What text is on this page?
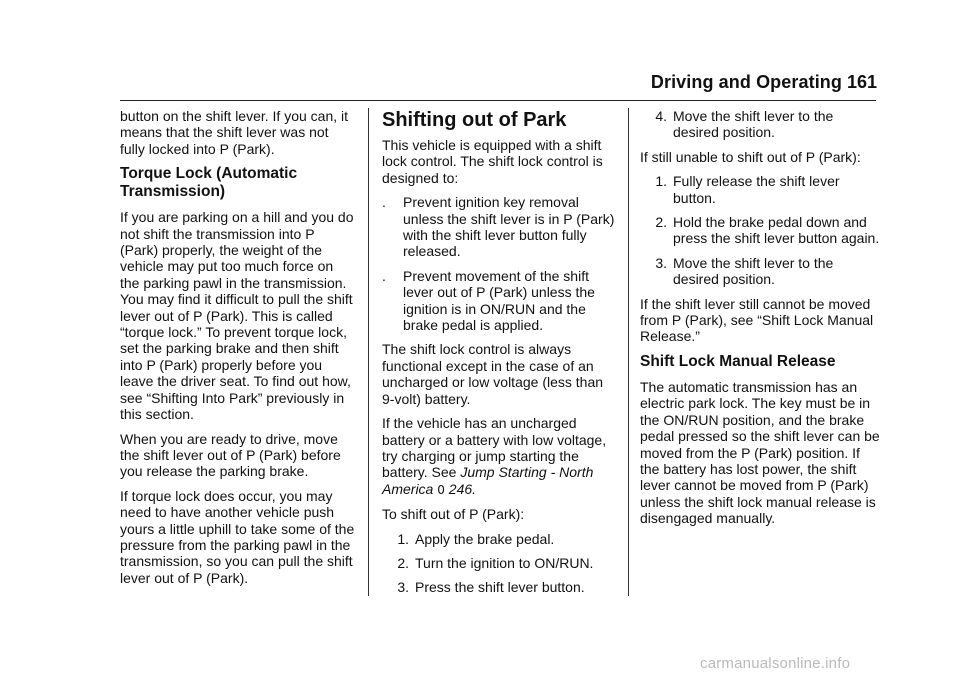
Driving and Operating 161

button on the shift lever. If you can, it means that the shift lever was not fully locked into P (Park).

Torque Lock (Automatic Transmission)

If you are parking on a hill and you do not shift the transmission into P (Park) properly, the weight of the vehicle may put too much force on the parking pawl in the transmission. You may find it difficult to pull the shift lever out of P (Park). This is called “torque lock.” To prevent torque lock, set the parking brake and then shift into P (Park) properly before you leave the driver seat. To find out how, see “Shifting Into Park” previously in this section.

When you are ready to drive, move the shift lever out of P (Park) before you release the parking brake.

If torque lock does occur, you may need to have another vehicle push yours a little uphill to take some of the pressure from the parking pawl in the transmission, so you can pull the shift lever out of P (Park).

Shifting out of Park

This vehicle is equipped with a shift lock control. The shift lock control is designed to:

.	Prevent ignition key removal unless the shift lever is in P (Park) with the shift lever button fully released.
.	Prevent movement of the shift lever out of P (Park) unless the ignition is in ON/RUN and the brake pedal is applied.

The shift lock control is always functional except in the case of an uncharged or low voltage (less than 9-volt) battery.

If the vehicle has an uncharged battery or a battery with low voltage, try charging or jump starting the battery. See Jump Starting - North America 0 246.

To shift out of P (Park):

1. Apply the brake pedal.
2. Turn the ignition to ON/RUN.
3. Press the shift lever button.
4. Move the shift lever to the desired position.

If still unable to shift out of P (Park):

1. Fully release the shift lever button.
2. Hold the brake pedal down and press the shift lever button again.
3. Move the shift lever to the desired position.

If the shift lever still cannot be moved from P (Park), see “Shift Lock Manual Release.”

Shift Lock Manual Release

The automatic transmission has an electric park lock. The key must be in the ON/RUN position, and the brake pedal pressed so the shift lever can be moved from the P (Park) position. If the battery has lost power, the shift lever cannot be moved from P (Park) unless the shift lock manual release is disengaged manually.

carmanualsonline.info
